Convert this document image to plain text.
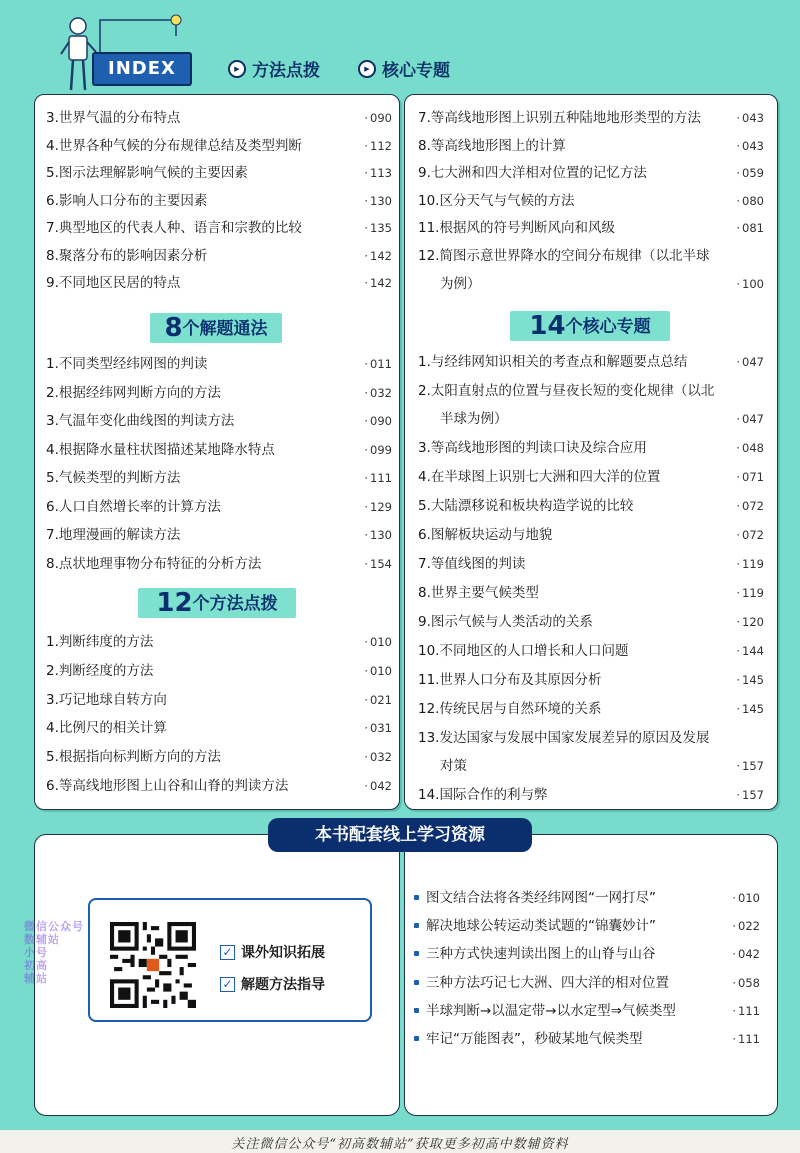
INDEX	▶ 方法点拨	▶ 核心专题
3.世界气温的分布特点	· 090
4.世界各种气候的分布规律总结及类型判断	· 112
5.图示法理解影响气候的主要因素	· 113
6.影响人口分布的主要因素	· 130
7.典型地区的代表人种、语言和宗教的比较	· 135
8.聚落分布的影响因素分析	· 142
9.不同地区民居的特点	· 142
8个解题通法
1.不同类型经纬网图的判读	· 011
2.根据经纬网判断方向的方法	· 032
3.气温年变化曲线图的判读方法	· 090
4.根据降水量柱状图描述某地降水特点	· 099
5.气候类型的判断方法	· 111
6.人口自然增长率的计算方法	· 129
7.地理漫画的解读方法	· 130
8.点状地理事物分布特征的分析方法	· 154
12个方法点拨
1.判断纬度的方法	· 010
2.判断经度的方法	· 010
3.巧记地球自转方向	· 021
4.比例尺的相关计算	· 031
5.根据指向标判断方向的方法	· 032
6.等高线地形图上山谷和山脊的判读方法	· 042
7.等高线地形图上识别五种陆地地形类型的方法	· 043
8.等高线地形图上的计算	· 043
9.七大洲和四大洋相对位置的记忆方法	· 059
10.区分天气与气候的方法	· 080
11.根据风的符号判断风向和风级	· 081
12.简图示意世界降水的空间分布规律（以北半球
为例）	· 100
14个核心专题
1.与经纬网知识相关的考查点和解题要点总结	· 047
2.太阳直射点的位置与昼夜长短的变化规律（以北
半球为例）	· 047
3.等高线地形图的判读口诀及综合应用	· 048
4.在半球图上识别七大洲和四大洋的位置	· 071
5.大陆漂移说和板块构造学说的比较	· 072
6.图解板块运动与地貌	· 072
7.等值线图的判读	· 119
8.世界主要气候类型	· 119
9.图示气候与人类活动的关系	· 120
10.不同地区的人口增长和人口问题	· 144
11.世界人口分布及其原因分析	· 145
12.传统民居与自然环境的关系	· 145
13.发达国家与发展中国家发展差异的原因及发展
对策	· 157
14.国际合作的利与弊	· 157
本书配套线上学习资源
✓ 课外知识拓展
✓ 解题方法指导
微信公众号
数辅站
小号
初高
辅站
图文结合法将各类经纬网图“一网打尽”	· 010
解决地球公转运动类试题的“锦囊妙计”	· 022
三种方式快速判读出图上的山脊与山谷	· 042
三种方法巧记七大洲、四大洋的相对位置	· 058
半球判断→以温定带→以水定型⇒气候类型	· 111
牢记“万能图表”，秒破某地气候类型	· 111
关注微信公众号“初高数辅站”获取更多初高中数辅资料
